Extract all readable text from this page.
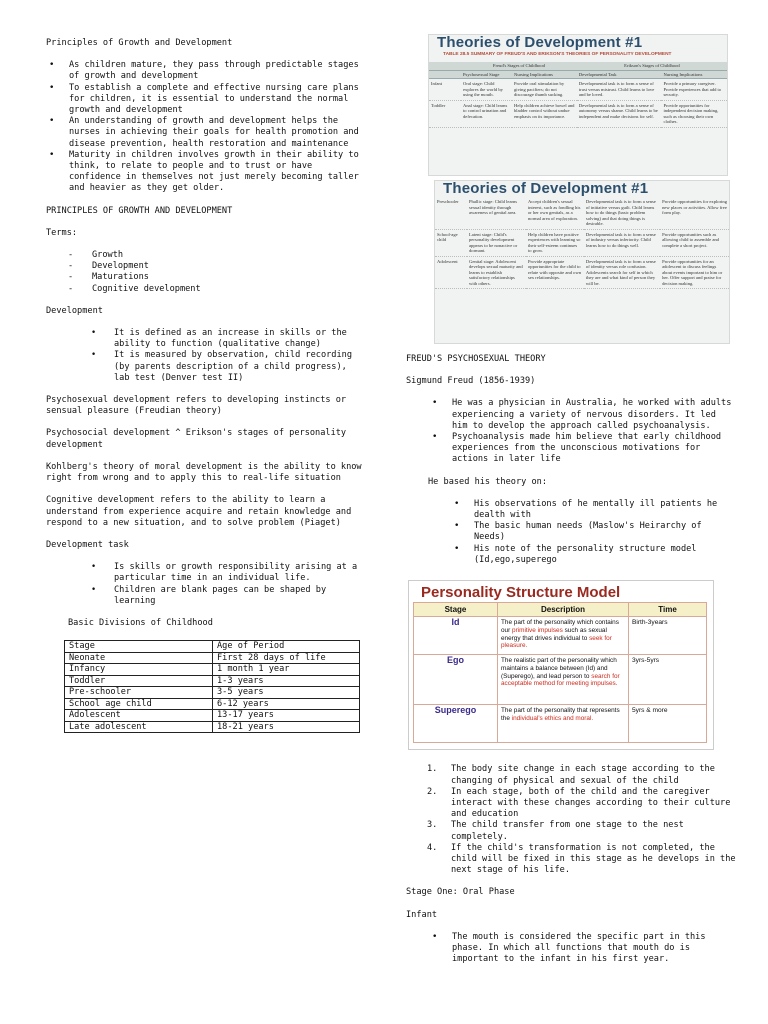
Principles of Growth and Development

• As children mature, they pass through predictable stages of growth and development
• To establish a complete and effective nursing care plans for children, it is essential to understand the normal growth and development
• An understanding of growth and development helps the nurses in achieving their goals for health promotion and disease prevention, health restoration and maintenance
• Maturity in children involves growth in their ability to think, to relate to people and to trust or have confidence in themselves not just merely becoming taller and heavier as they get older.

PRINCIPLES OF GROWTH AND DEVELOPMENT

Terms:

- Growth
- Development
- Maturations
- Cognitive development

Development

• It is defined as an increase in skills or the ability to function (qualitative change)
• It is measured by observation, child recording (by parents description of a child progress), lab test (Denver test II)

Psychosexual development refers to developing instincts or sensual pleasure (Freudian theory)

Psychosocial development ^ Erikson's stages of personality development

Kohlberg's theory of moral development is the ability to know right from wrong and to apply this to real-life situation

Cognitive development refers to the ability to learn a understand from experience acquire and retain knowledge and respond to a new situation, and to solve problem (Piaget)

Development task

• Is skills or growth responsibility arising at a particular time in an individual life.
• Children are blank pages can be shaped by learning

Basic Divisions of Childhood

Stage	Age of Period
Neonate	First 28 days of life
Infancy	1 month 1 year
Toddler	1-3 years
Pre-schooler	3-5 years
School age child	6-12 years
Adolescent	13-17 years
Late adolescent	18-21 years
Theories of Development #1
TABLE 28.5 SUMMARY OF FREUD'S AND ERIKSON'S THEORIES OF PERSONALITY DEVELOPMENT
	Freud's Stages of Childhood		Erikson's Stages of Childhood	
	Psychosexual Stage	Nursing Implications	Developmental Task	Nursing Implications
Infant	Oral stage: Child explores the world by using the mouth.	Provide oral stimulation by giving pacifiers; do not discourage thumb sucking.	Developmental task is to form a sense of trust versus mistrust. Child learns to love and be loved.	Provide a primary caregiver. Provide experiences that add to security.
Toddler	Anal stage: Child learns to control urination and defecation.	Help children achieve bowel and bladder control without undue emphasis on its importance.	Developmental task is to form a sense of autonomy versus shame. Child learns to be independent and make decisions for self.	Provide opportunities for independent decision making, such as choosing their own clothes.
Theories of Development #1
Preschooler	Phallic stage: Child learns sexual identity through awareness of genital area.	Accept children's sexual interest, such as fondling his or her own genitals, as a normal area of exploration.	Developmental task is to form a sense of initiative versus guilt. Child learns how to do things (basic problem solving) and that doing things is desirable.	Provide opportunities for exploring new places or activities. Allow free form play.
School-age child	Latent stage: Child's personality development appears to be nonactive or dormant.	Help children have positive experiences with learning so their self-esteem continues to grow.	Developmental task is to form a sense of industry versus inferiority. Child learns how to do things well.	Provide opportunities such as allowing child to assemble and complete a short project.
Adolescent	Genital stage: Adolescent develops sexual maturity and learns to establish satisfactory relationships with others.	Provide appropriate opportunities for the child to relate with opposite and own sex relationships.	Developmental task is to form a sense of identity versus role confusion. Adolescents search for self in which they are and what kind of person they will be.	Provide opportunities for an adolescent to discuss feelings about events important to him or her. Offer support and praise for decision making.

FREUD'S PSYCHOSEXUAL THEORY

Sigmund Freud (1856-1939)

• He was a physician in Australia, he worked with adults experiencing a variety of nervous disorders. It led him to develop the approach called psychoanalysis.
• Psychoanalysis made him believe that early childhood experiences from the unconscious motivations for actions in later life

He based his theory on:

• His observations of he mentally ill patients he dealth with
• The basic human needs (Maslow's Heirarchy of Needs)
• His note of the personality structure model (Id,ego,superego
Personality Structure Model
Stage	Description	Time
Id	The part of the personality which contains our primitive impulses such as sexual energy that drives individual to seek for pleasure.	Birth-3years
Ego	The realistic part of the personality which maintains a balance between (Id) and (Superego), and lead person to search for acceptable method for meeting impulses.	3yrs-5yrs
Superego	The part of the personality that represents the individual's ethics and moral.	5yrs & more
1. The body site change in each stage according to the changing of physical and sexual of the child
2. In each stage, both of the child and the caregiver interact with these changes according to their culture and education
3. The child transfer from one stage to the nest completely.
4. If the child's transformation is not completed, the child will be fixed in this stage as he develops in the next stage of his life.

Stage One: Oral Phase

Infant

• The mouth is considered the specific part in this phase. In which all functions that mouth do is important to the infant in his first year.
